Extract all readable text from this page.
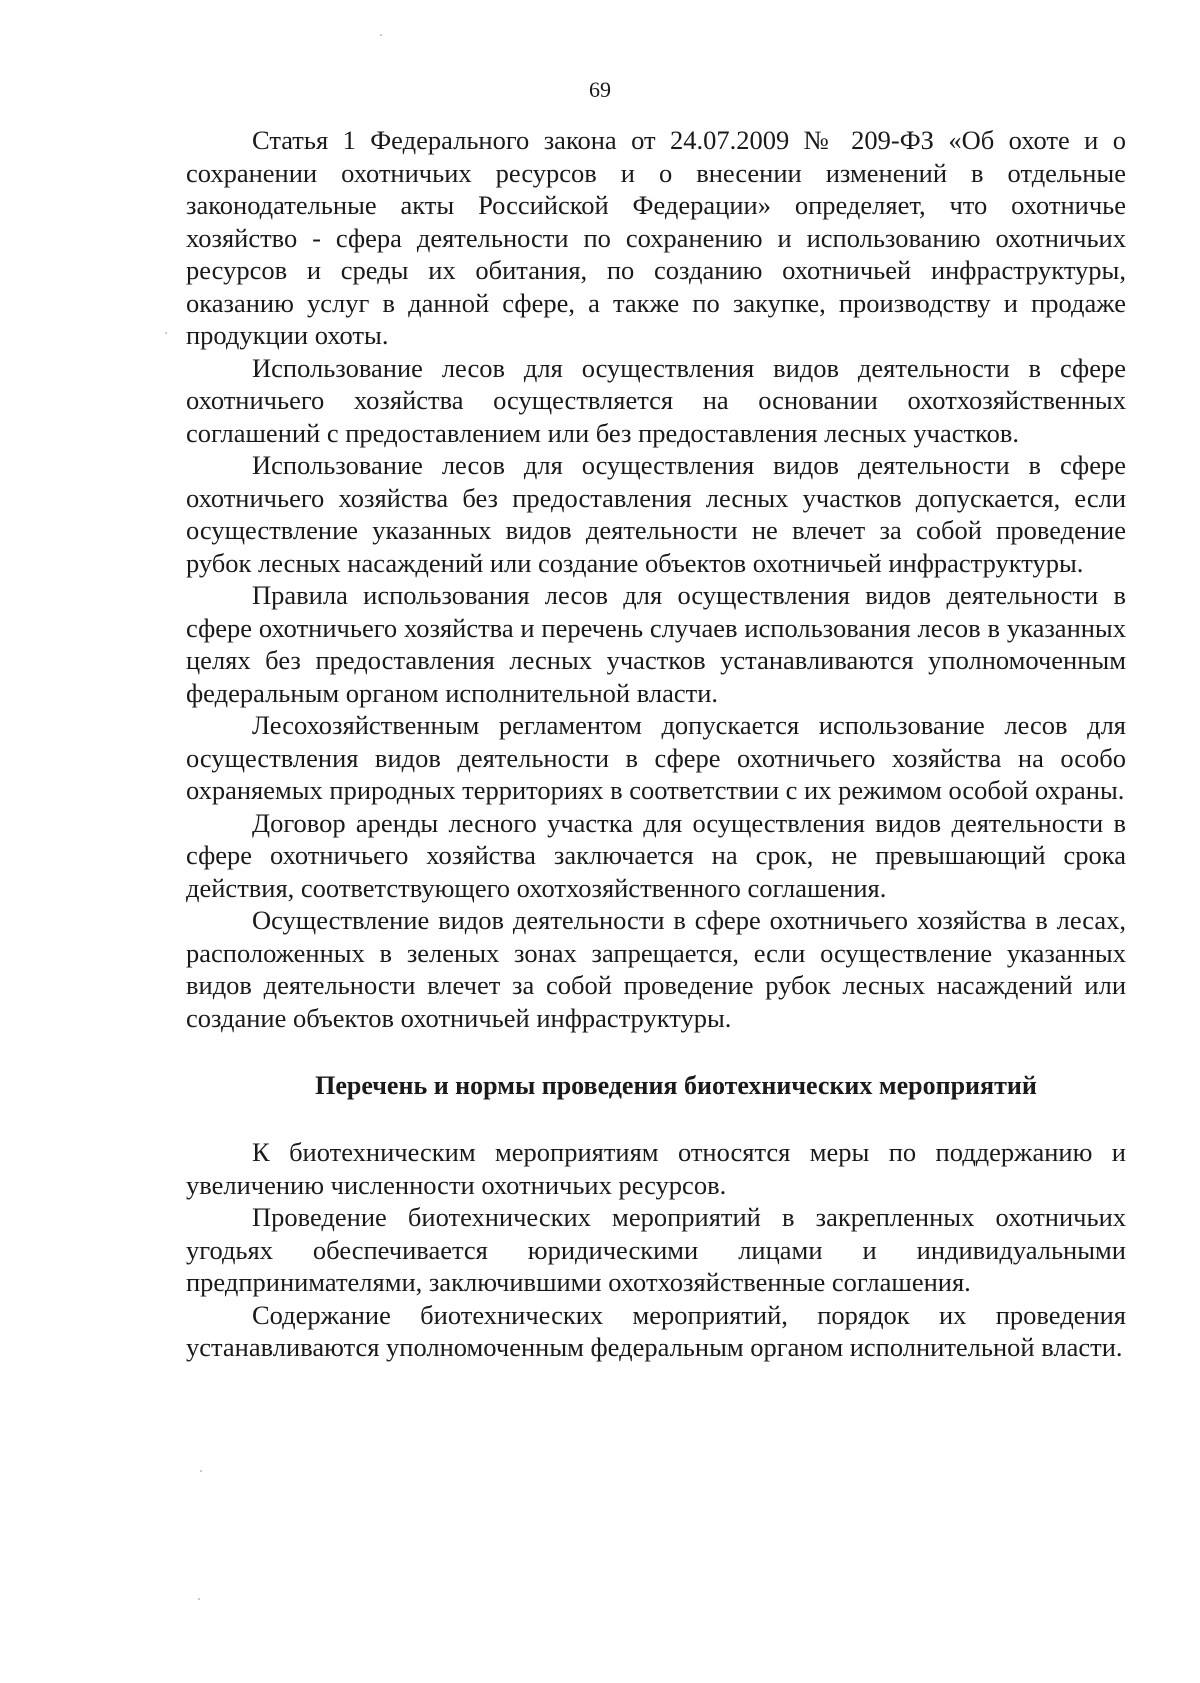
69

Статья 1 Федерального закона от 24.07.2009 № 209-ФЗ «Об охоте и о сохранении охотничьих ресурсов и о внесении изменений в отдельные законодательные акты Российской Федерации» определяет, что охотничье хозяйство - сфера деятельности по сохранению и использованию охотничьих ресурсов и среды их обитания, по созданию охотничьей инфраструктуры, оказанию услуг в данной сфере, а также по закупке, производству и продаже продукции охоты.

Использование лесов для осуществления видов деятельности в сфере охотничьего хозяйства осуществляется на основании охотхозяйственных соглашений с предоставлением или без предоставления лесных участков.

Использование лесов для осуществления видов деятельности в сфере охотничьего хозяйства без предоставления лесных участков допускается, если осуществление указанных видов деятельности не влечет за собой проведение рубок лесных насаждений или создание объектов охотничьей инфраструктуры.

Правила использования лесов для осуществления видов деятельности в сфере охотничьего хозяйства и перечень случаев использования лесов в указанных целях без предоставления лесных участков устанавливаются уполномоченным федеральным органом исполнительной власти.

Лесохозяйственным регламентом допускается использование лесов для осуществления видов деятельности в сфере охотничьего хозяйства на особо охраняемых природных территориях в соответствии с их режимом особой охраны.

Договор аренды лесного участка для осуществления видов деятельности в сфере охотничьего хозяйства заключается на срок, не превышающий срока действия, соответствующего охотхозяйственного соглашения.

Осуществление видов деятельности в сфере охотничьего хозяйства в лесах, расположенных в зеленых зонах запрещается, если осуществление указанных видов деятельности влечет за собой проведение рубок лесных насаждений или создание объектов охотничьей инфраструктуры.

Перечень и нормы проведения биотехнических мероприятий

К биотехническим мероприятиям относятся меры по поддержанию и увеличению численности охотничьих ресурсов.

Проведение биотехнических мероприятий в закрепленных охотничьих угодьях обеспечивается юридическими лицами и индивидуальными предпринимателями, заключившими охотхозяйственные соглашения.

Содержание биотехнических мероприятий, порядок их проведения устанавливаются уполномоченным федеральным органом исполнительной власти.
